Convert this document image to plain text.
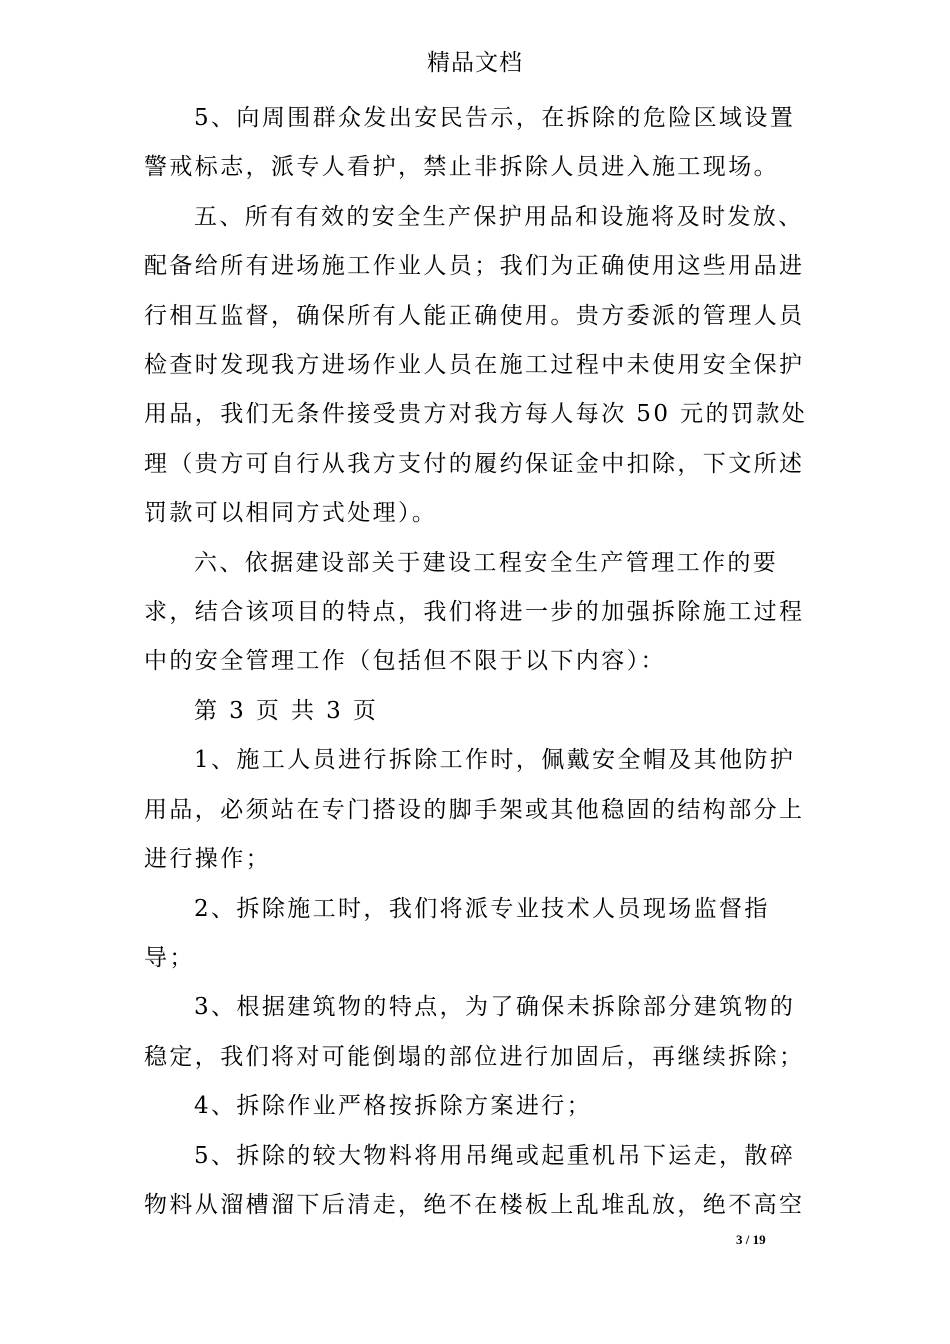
精品文档

5、向周围群众发出安民告示，在拆除的危险区域设置警戒标志，派专人看护，禁止非拆除人员进入施工现场。

五、所有有效的安全生产保护用品和设施将及时发放、配备给所有进场施工作业人员；我们为正确使用这些用品进行相互监督，确保所有人能正确使用。贵方委派的管理人员检查时发现我方进场作业人员在施工过程中未使用安全保护用品，我们无条件接受贵方对我方每人每次 50 元的罚款处理（贵方可自行从我方支付的履约保证金中扣除，下文所述罚款可以相同方式处理）。

六、依据建设部关于建设工程安全生产管理工作的要求，结合该项目的特点，我们将进一步的加强拆除施工过程中的安全管理工作（包括但不限于以下内容）：

第 3 页 共 3 页

1、施工人员进行拆除工作时，佩戴安全帽及其他防护用品，必须站在专门搭设的脚手架或其他稳固的结构部分上进行操作；

2、拆除施工时，我们将派专业技术人员现场监督指导；

3、根据建筑物的特点，为了确保未拆除部分建筑物的稳定，我们将对可能倒塌的部位进行加固后，再继续拆除；

4、拆除作业严格按拆除方案进行；

5、拆除的较大物料将用吊绳或起重机吊下运走，散碎物料从溜槽溜下后清走，绝不在楼板上乱堆乱放，绝不高空

3 / 19
